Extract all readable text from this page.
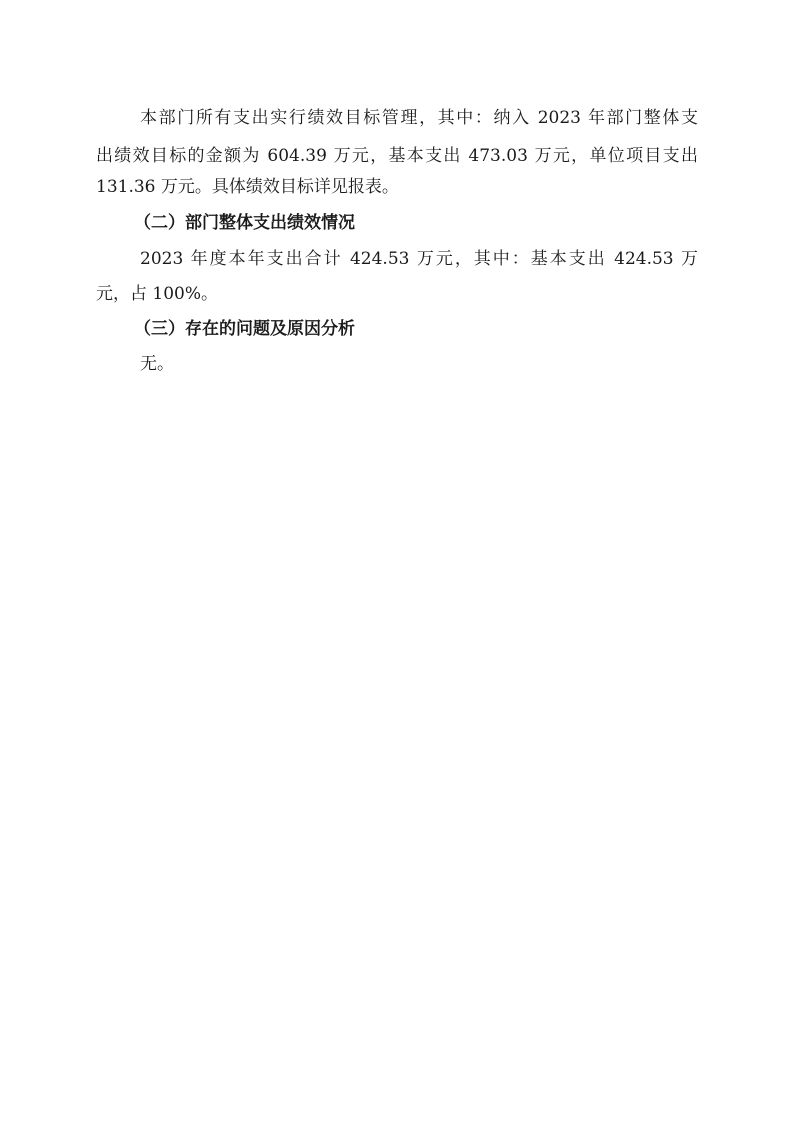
本部门所有支出实行绩效目标管理，其中：纳入 2023 年部门整体支
出绩效目标的金额为 604.39 万元，基本支出 473.03 万元，单位项目支出
131.36 万元。具体绩效目标详见报表。
（二）部门整体支出绩效情况
2023 年度本年支出合计 424.53 万元，其中：基本支出 424.53 万
元，占 100%。
（三）存在的问题及原因分析
无。
